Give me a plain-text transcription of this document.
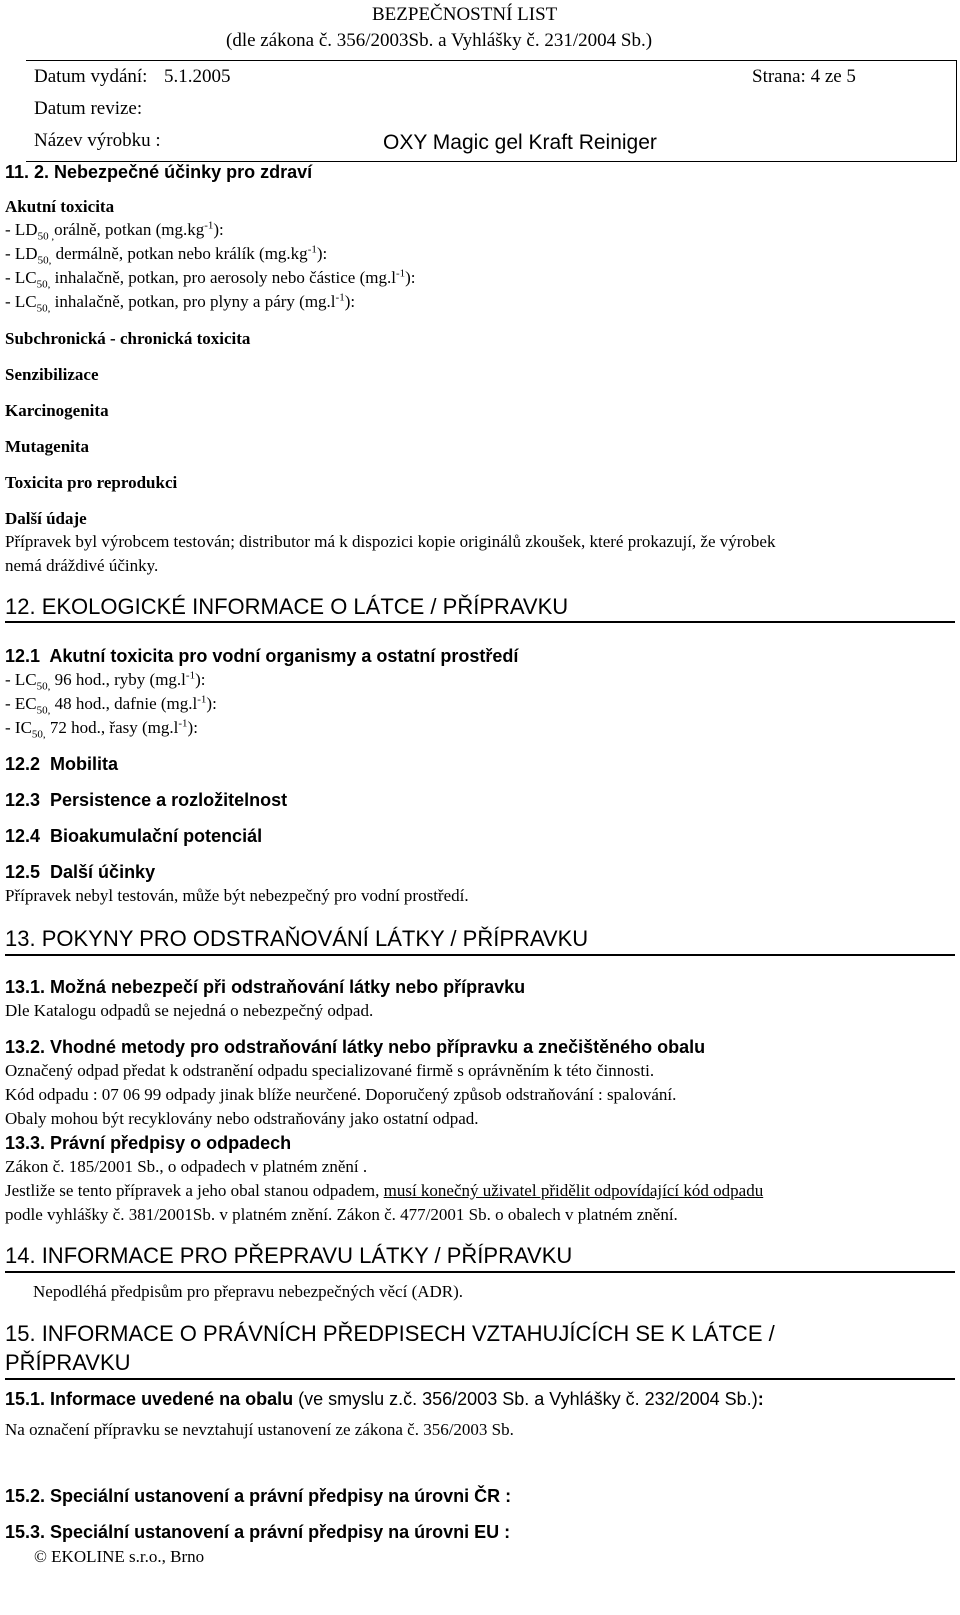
BEZPEČNOSTNÍ LIST
(dle zákona č. 356/2003Sb. a Vyhlášky č. 231/2004 Sb.)
Datum vydání: 5.1.2005	Strana: 4 ze 5
Datum revize:
Název výrobku :	OXY Magic gel Kraft Reiniger
11. 2. Nebezpečné účinky pro zdraví
Akutní toxicita
- $LD_{50 ,}orá\ln ě$, potkan $(mg.kg^{-1})$:
- $LD_{50,}$ dermálně, potkan nebo králík $(mg.kg^{-1})$:
- $LC_{50,}$ inhalačně, potkan, pro aerosoly nebo částice $(mg.l^{-1})$:
- $LC_{50,}$ inhalačně, potkan, pro plyny a páry $(mg.l^{-1})$:
Subchronická - chronická toxicita
Senzibilizace
Karcinogenita
Mutagenita
Toxicita pro reprodukci
Další údaje
Přípravek byl výrobcem testován; distributor má k dispozici kopie originálů zkoušek, které prokazují, že výrobek
nemá dráždivé účinky.
12. EKOLOGICKÉ INFORMACE O LÁTCE / PŘÍPRAVKU
12.1  Akutní toxicita pro vodní organismy a ostatní prostředí
- $LC_{50,}$ 96 hod., ryby $(mg.l^{-1})$:
- $EC_{50,}$ 48 hod., dafnie $(mg.l^{-1})$:
- $IC_{50,}$ 72 hod., řasy $(mg.l^{-1})$:
12.2  Mobilita
12.3  Persistence a rozložitelnost
12.4  Bioakumulační potenciál
12.5  Další účinky
Přípravek nebyl testován, může být nebezpečný pro vodní prostředí.
13. POKYNY PRO ODSTRAŇOVÁNÍ LÁTKY / PŘÍPRAVKU
13.1. Možná nebezpečí při odstraňování látky nebo přípravku
Dle Katalogu odpadů se nejedná o nebezpečný odpad.
13.2. Vhodné metody pro odstraňování látky nebo přípravku a znečištěného obalu
Označený odpad předat k odstranění odpadu specializované firmě s oprávněním k této činnosti.
Kód odpadu : 07 06 99 odpady jinak blíže neurčené. Doporučený způsob odstraňování : spalování.
Obaly mohou být recyklovány nebo odstraňovány jako ostatní odpad.
13.3. Právní předpisy o odpadech
Zákon č. 185/2001 Sb., o odpadech v platném znění .
Jestliže se tento přípravek a jeho obal stanou odpadem, musí konečný uživatel přidělit odpovídající kód odpadu
podle vyhlášky č. 381/2001Sb. v platném znění. Zákon č. 477/2001 Sb. o obalech v platném znění.
14. INFORMACE PRO PŘEPRAVU LÁTKY / PŘÍPRAVKU
Nepodléhá předpisům pro přepravu nebezpečných věcí (ADR).
15. INFORMACE O PRÁVNÍCH PŘEDPISECH VZTAHUJÍCÍCH SE K LÁTCE /
PŘÍPRAVKU
15.1. Informace uvedené na obalu (ve smyslu z.č. 356/2003 Sb. a Vyhlášky č. 232/2004 Sb.):
Na označení přípravku se nevztahují ustanovení ze zákona č. 356/2003 Sb.
15.2. Speciální ustanovení a právní předpisy na úrovni ČR :
15.3. Speciální ustanovení a právní předpisy na úrovni EU :
© EKOLINE s.r.o., Brno
